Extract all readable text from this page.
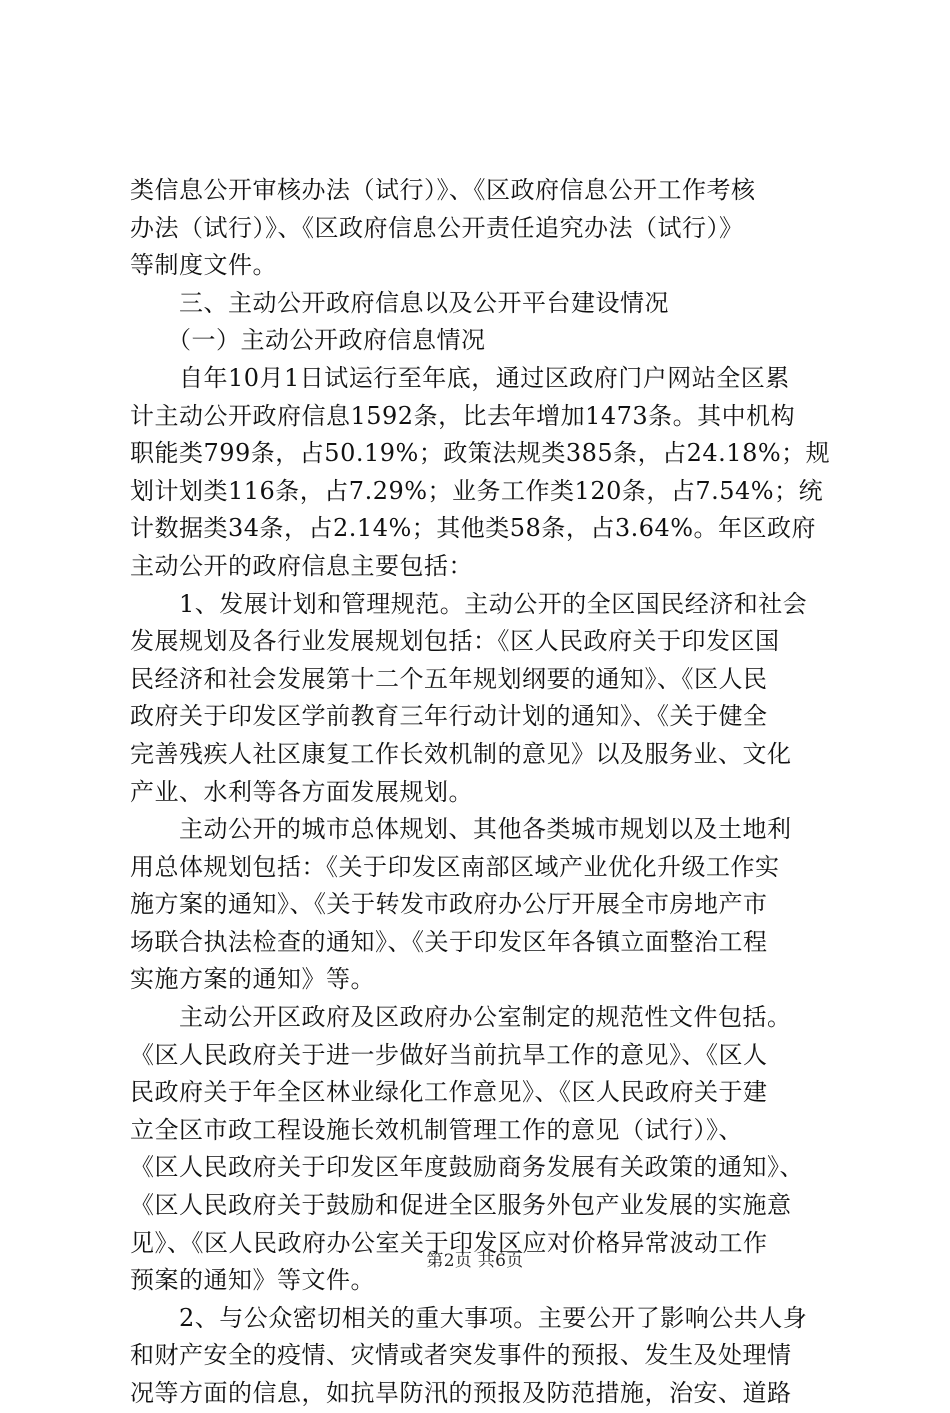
类信息公开审核办法（试行）》、《区政府信息公开工作考核
办法（试行）》、《区政府信息公开责任追究办法（试行）》
等制度文件。
　　三、主动公开政府信息以及公开平台建设情况
　　（一）主动公开政府信息情况
　　自年10月1日试运行至年底，通过区政府门户网站全区累
计主动公开政府信息1592条，比去年增加1473条。其中机构
职能类799条，占50.19%；政策法规类385条，占24.18%；规
划计划类116条，占7.29%；业务工作类120条，占7.54%；统
计数据类34条，占2.14%；其他类58条，占3.64%。年区政府
主动公开的政府信息主要包括：
　　1、发展计划和管理规范。主动公开的全区国民经济和社会
发展规划及各行业发展规划包括：《区人民政府关于印发区国
民经济和社会发展第十二个五年规划纲要的通知》、《区人民
政府关于印发区学前教育三年行动计划的通知》、《关于健全
完善残疾人社区康复工作长效机制的意见》以及服务业、文化
产业、水利等各方面发展规划。
　　主动公开的城市总体规划、其他各类城市规划以及土地利
用总体规划包括：《关于印发区南部区域产业优化升级工作实
施方案的通知》、《关于转发市政府办公厅开展全市房地产市
场联合执法检查的通知》、《关于印发区年各镇立面整治工程
实施方案的通知》等。
　　主动公开区政府及区政府办公室制定的规范性文件包括。
《区人民政府关于进一步做好当前抗旱工作的意见》、《区人
民政府关于年全区林业绿化工作意见》、《区人民政府关于建
立全区市政工程设施长效机制管理工作的意见（试行）》、
《区人民政府关于印发区年度鼓励商务发展有关政策的通知》、
《区人民政府关于鼓励和促进全区服务外包产业发展的实施意
见》、《区人民政府办公室关于印发区应对价格异常波动工作
预案的通知》等文件。
　　2、与公众密切相关的重大事项。主要公开了影响公共人身
和财产安全的疫情、灾情或者突发事件的预报、发生及处理情
况等方面的信息，如抗旱防汛的预报及防范措施，治安、道路
第2页 共6页
